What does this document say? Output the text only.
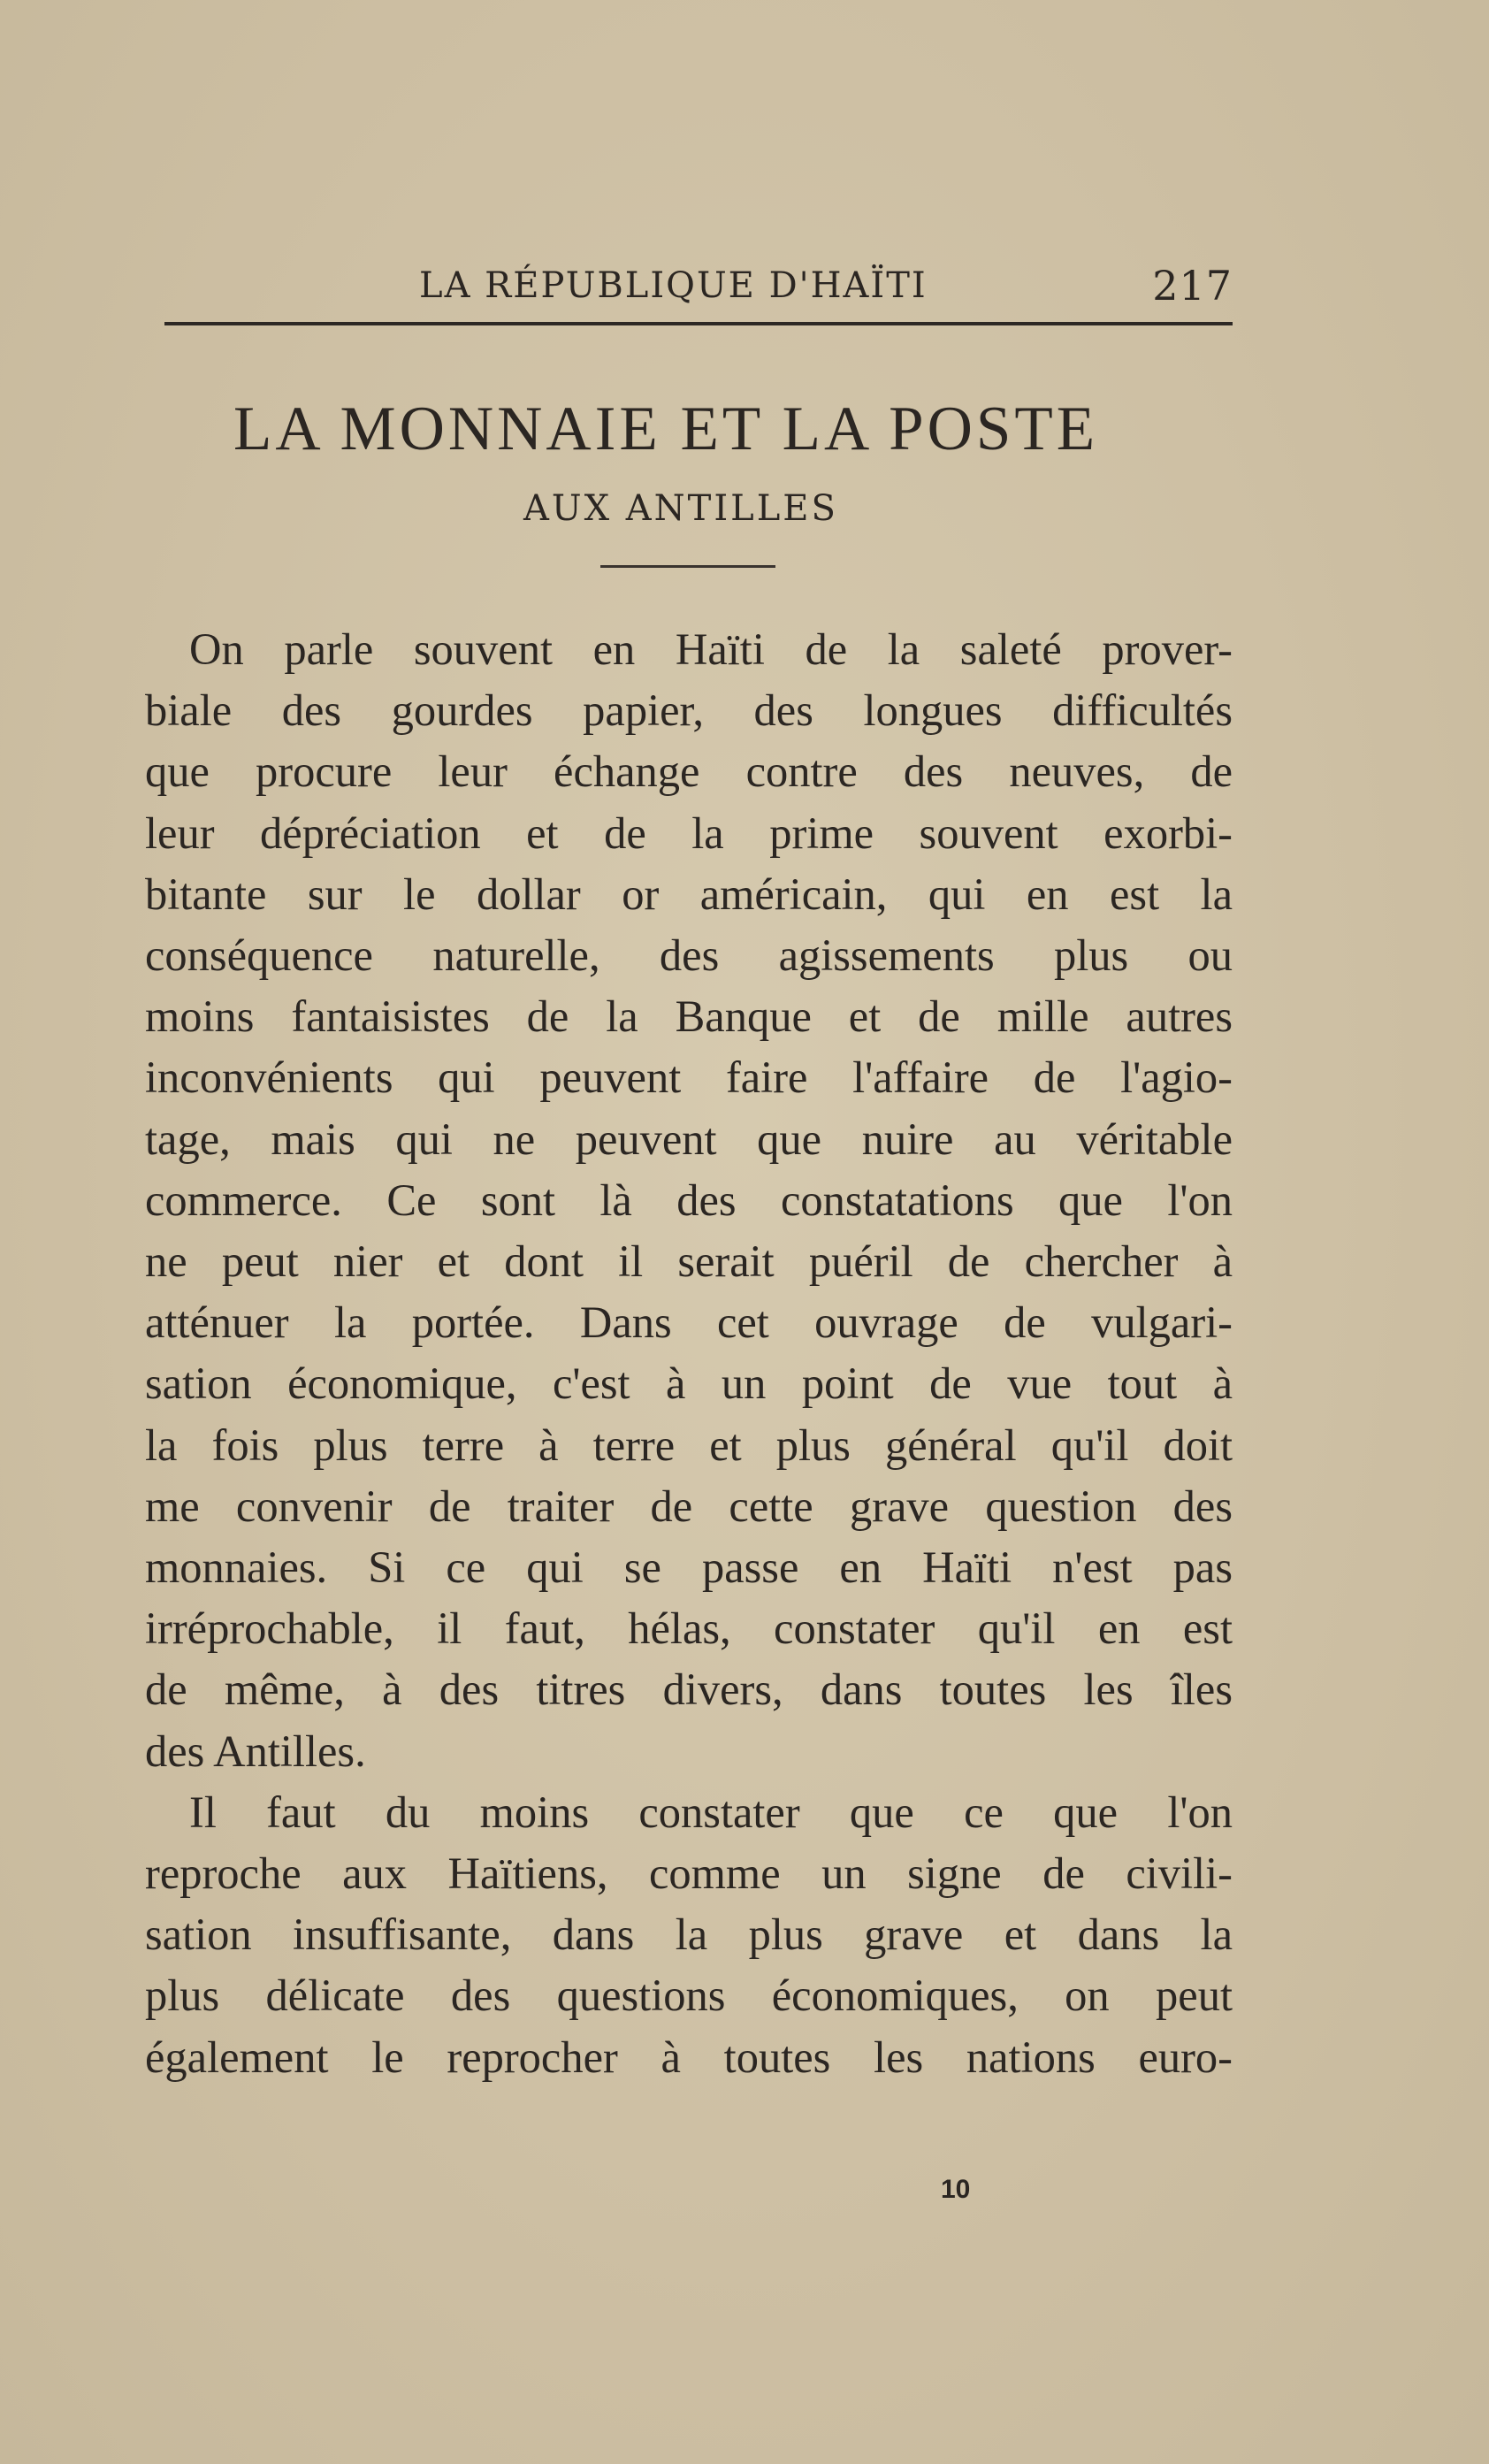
LA RÉPUBLIQUE D'HAÏTI	217
LA MONNAIE ET LA POSTE
AUX ANTILLES
On parle souvent en Haïti de la saleté prover-
biale des gourdes papier, des longues difficultés
que procure leur échange contre des neuves, de
leur dépréciation et de la prime souvent exorbi-
bitante sur le dollar or américain, qui en est la
conséquence naturelle, des agissements plus ou
moins fantaisistes de la Banque et de mille autres
inconvénients qui peuvent faire l'affaire de l'agio-
tage, mais qui ne peuvent que nuire au véritable
commerce. Ce sont là des constatations que l'on
ne peut nier et dont il serait puéril de chercher à
atténuer la portée. Dans cet ouvrage de vulgari-
sation économique, c'est à un point de vue tout à
la fois plus terre à terre et plus général qu'il doit
me convenir de traiter de cette grave question des
monnaies. Si ce qui se passe en Haïti n'est pas
irréprochable, il faut, hélas, constater qu'il en est
de même, à des titres divers, dans toutes les îles
des Antilles.
Il faut du moins constater que ce que l'on
reproche aux Haïtiens, comme un signe de civili-
sation insuffisante, dans la plus grave et dans la
plus délicate des questions économiques, on peut
également le reprocher à toutes les nations euro-
10
